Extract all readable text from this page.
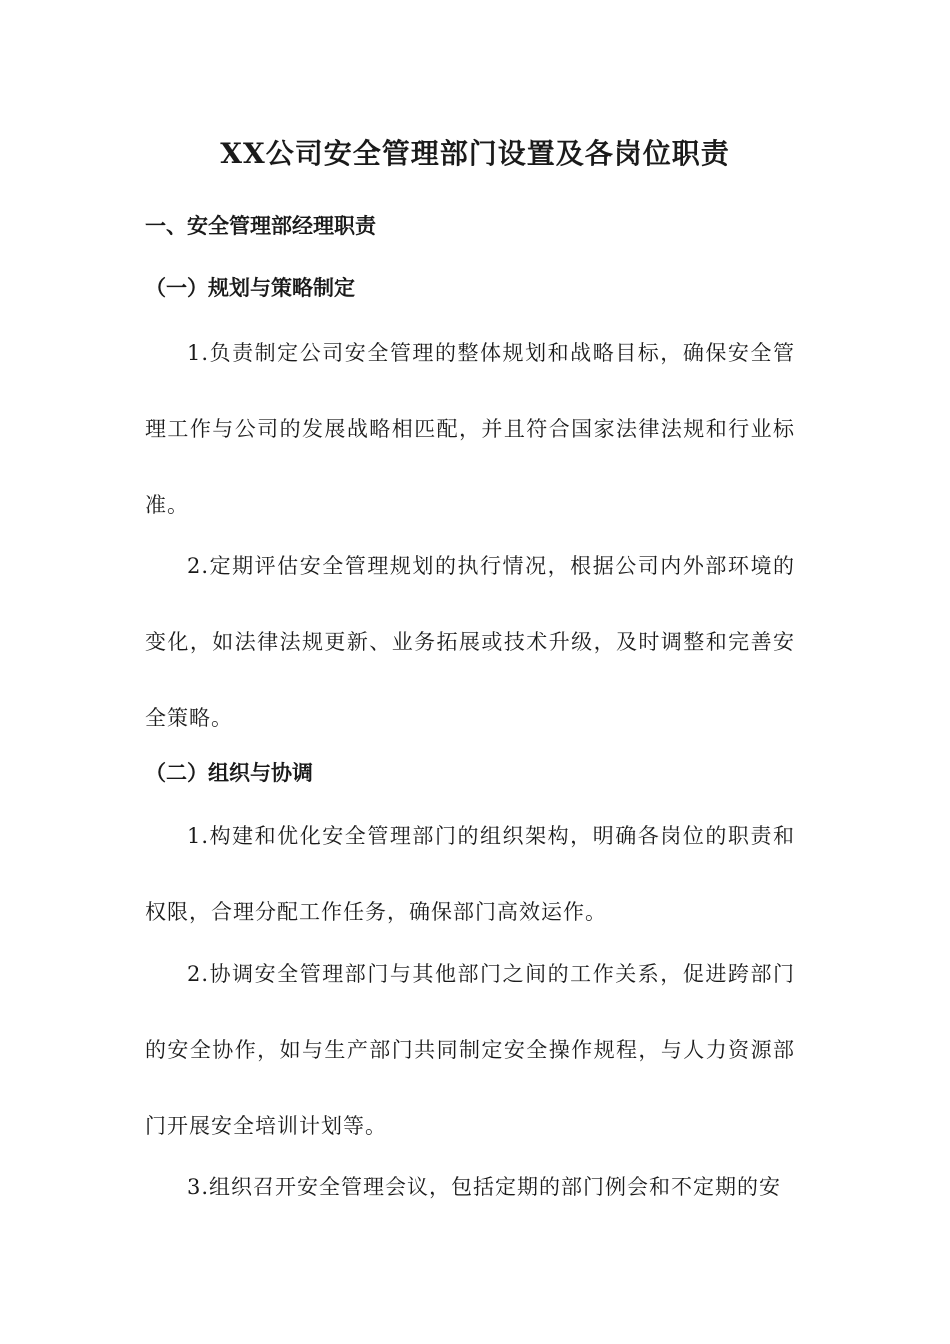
XX公司安全管理部门设置及各岗位职责
一、安全管理部经理职责
（一）规划与策略制定

1.负责制定公司安全管理的整体规划和战略目标，确保安全管理工作与公司的发展战略相匹配，并且符合国家法律法规和行业标准。

2.定期评估安全管理规划的执行情况，根据公司内外部环境的变化，如法律法规更新、业务拓展或技术升级，及时调整和完善安全策略。

（二）组织与协调

1.构建和优化安全管理部门的组织架构，明确各岗位的职责和权限，合理分配工作任务，确保部门高效运作。

2.协调安全管理部门与其他部门之间的工作关系，促进跨部门的安全协作，如与生产部门共同制定安全操作规程，与人力资源部门开展安全培训计划等。

3.组织召开安全管理会议，包括定期的部门例会和不定期的安
